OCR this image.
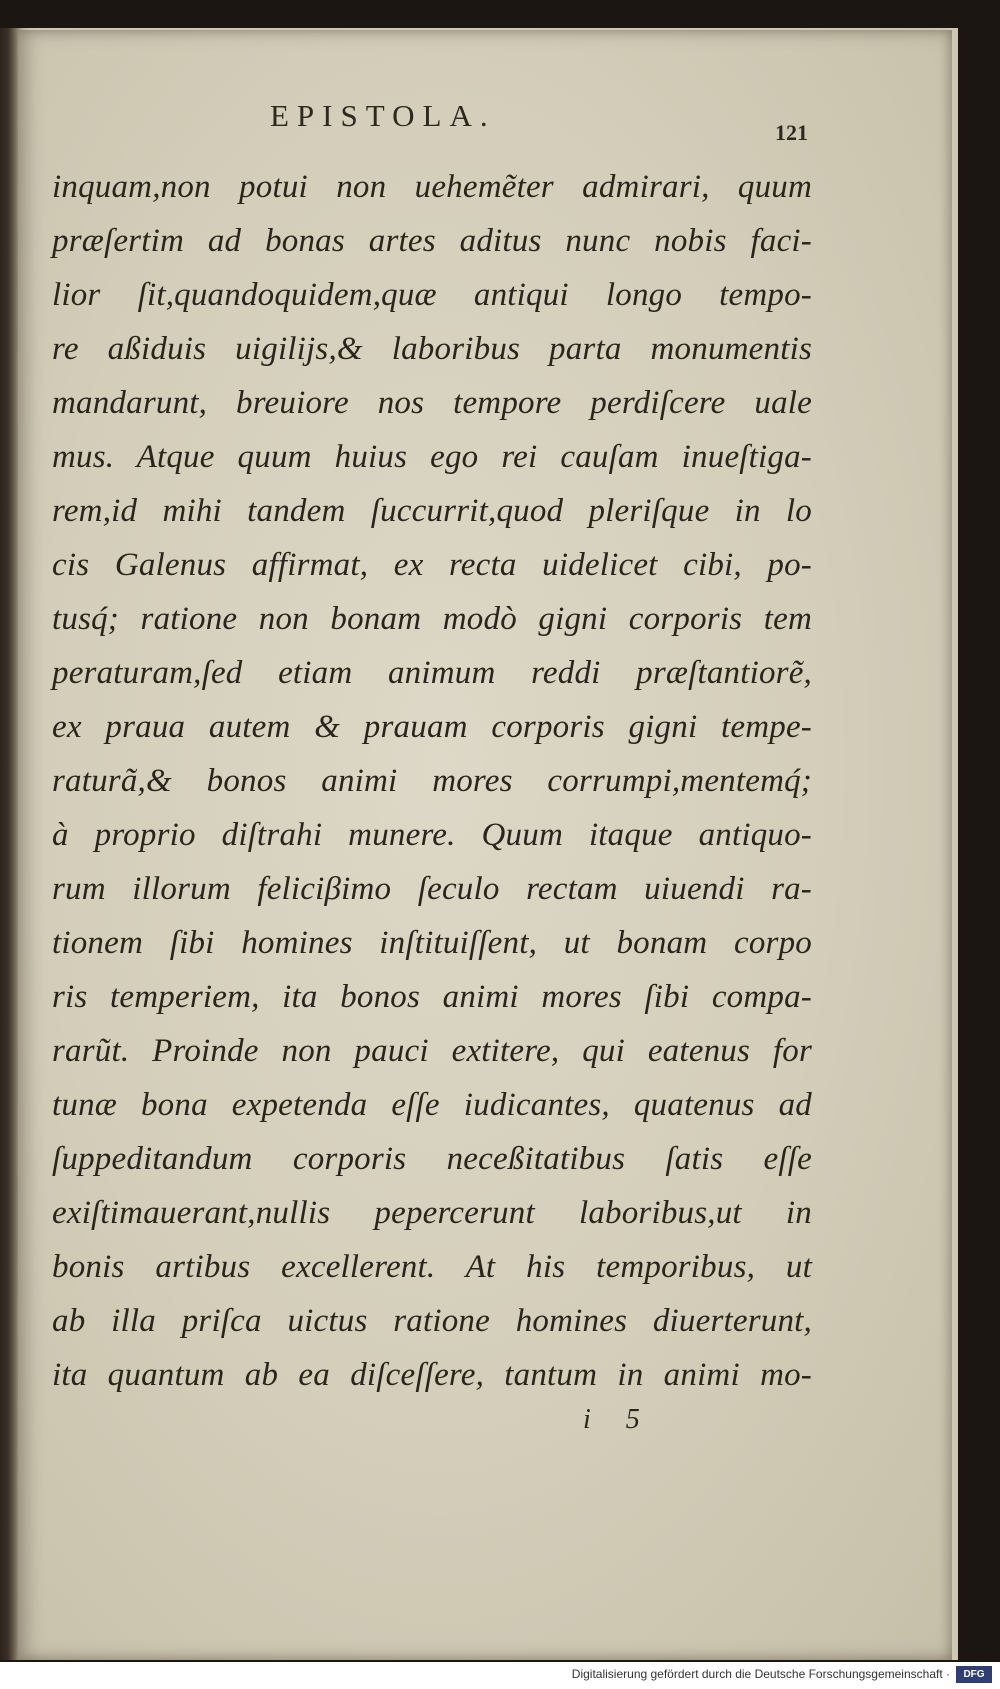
EPISTOLA.	121
inquam,non potui non uehemẽter admirari, quum
præſertim ad bonas artes aditus nunc nobis faci-
lior ſit,quandoquidem,quæ antiqui longo tempo-
re aßiduis uigilijs,& laboribus parta monumentis
mandarunt, breuiore nos tempore perdiſcere uale
mus. Atque quum huius ego rei cauſam inueſtiga-
rem,id mihi tandem ſuccurrit,quod pleriſque in lo
cis Galenus affirmat, ex recta uidelicet cibi, po-
tusq́; ratione non bonam modò gigni corporis tem
peraturam,ſed etiam animum reddi præſtantiorẽ,
ex praua autem & prauam corporis gigni tempe-
raturã,& bonos animi mores corrumpi,mentemq́;
à proprio diſtrahi munere. Quum itaque antiquo-
rum illorum feliciβimo ſeculo rectam uiuendi ra-
tionem ſibi homines inſtituiſſent, ut bonam corpo
ris temperiem, ita bonos animi mores ſibi compa-
rarũt. Proinde non pauci extitere, qui eatenus for
tunæ bona expetenda eſſe iudicantes, quatenus ad
ſuppeditandum corporis neceßitatibus ſatis eſſe
exiſtimauerant,nullis pepercerunt laboribus,ut in
bonis artibus excellerent. At his temporibus, ut
ab illa priſca uictus ratione homines diuerterunt,
ita quantum ab ea diſceſſere, tantum in animi mo-
i 5
Digitalisierung gefördert durch die Deutsche Forschungsgemeinschaft ·	DFG
